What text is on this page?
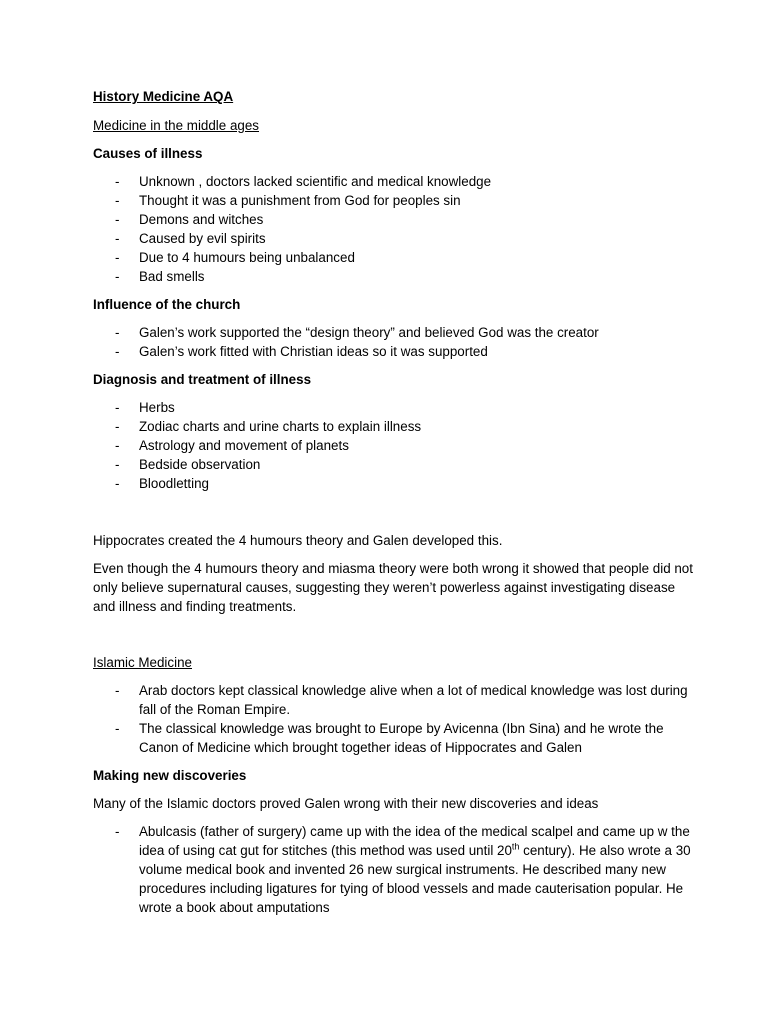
History Medicine AQA
Medicine in the middle ages
Causes of illness
- Unknown , doctors lacked scientific and medical knowledge
- Thought it was a punishment from God for peoples sin
- Demons and witches
- Caused by evil spirits
- Due to 4 humours being unbalanced
- Bad smells
Influence of the church
- Galen’s work supported the “design theory” and believed God was the creator
- Galen’s work fitted with Christian ideas so it was supported
Diagnosis and treatment of illness
- Herbs
- Zodiac charts and urine charts to explain illness
- Astrology and movement of planets
- Bedside observation
- Bloodletting

Hippocrates created the 4 humours theory and Galen developed this.

Even though the 4 humours theory and miasma theory were both wrong it showed that people did not only believe supernatural causes, suggesting they weren’t powerless against investigating disease and illness and finding treatments.

Islamic Medicine
- Arab doctors kept classical knowledge alive when a lot of medical knowledge was lost during fall of the Roman Empire.
- The classical knowledge was brought to Europe by Avicenna (Ibn Sina) and he wrote the Canon of Medicine which brought together ideas of Hippocrates and Galen
Making new discoveries

Many of the Islamic doctors proved Galen wrong with their new discoveries and ideas

- Abulcasis (father of surgery) came up with the idea of the medical scalpel and came up w the idea of using cat gut for stitches (this method was used until 20th century). He also wrote a 30 volume medical book and invented 26 new surgical instruments. He described many new procedures including ligatures for tying of blood vessels and made cauterisation popular. He wrote a book about amputations
